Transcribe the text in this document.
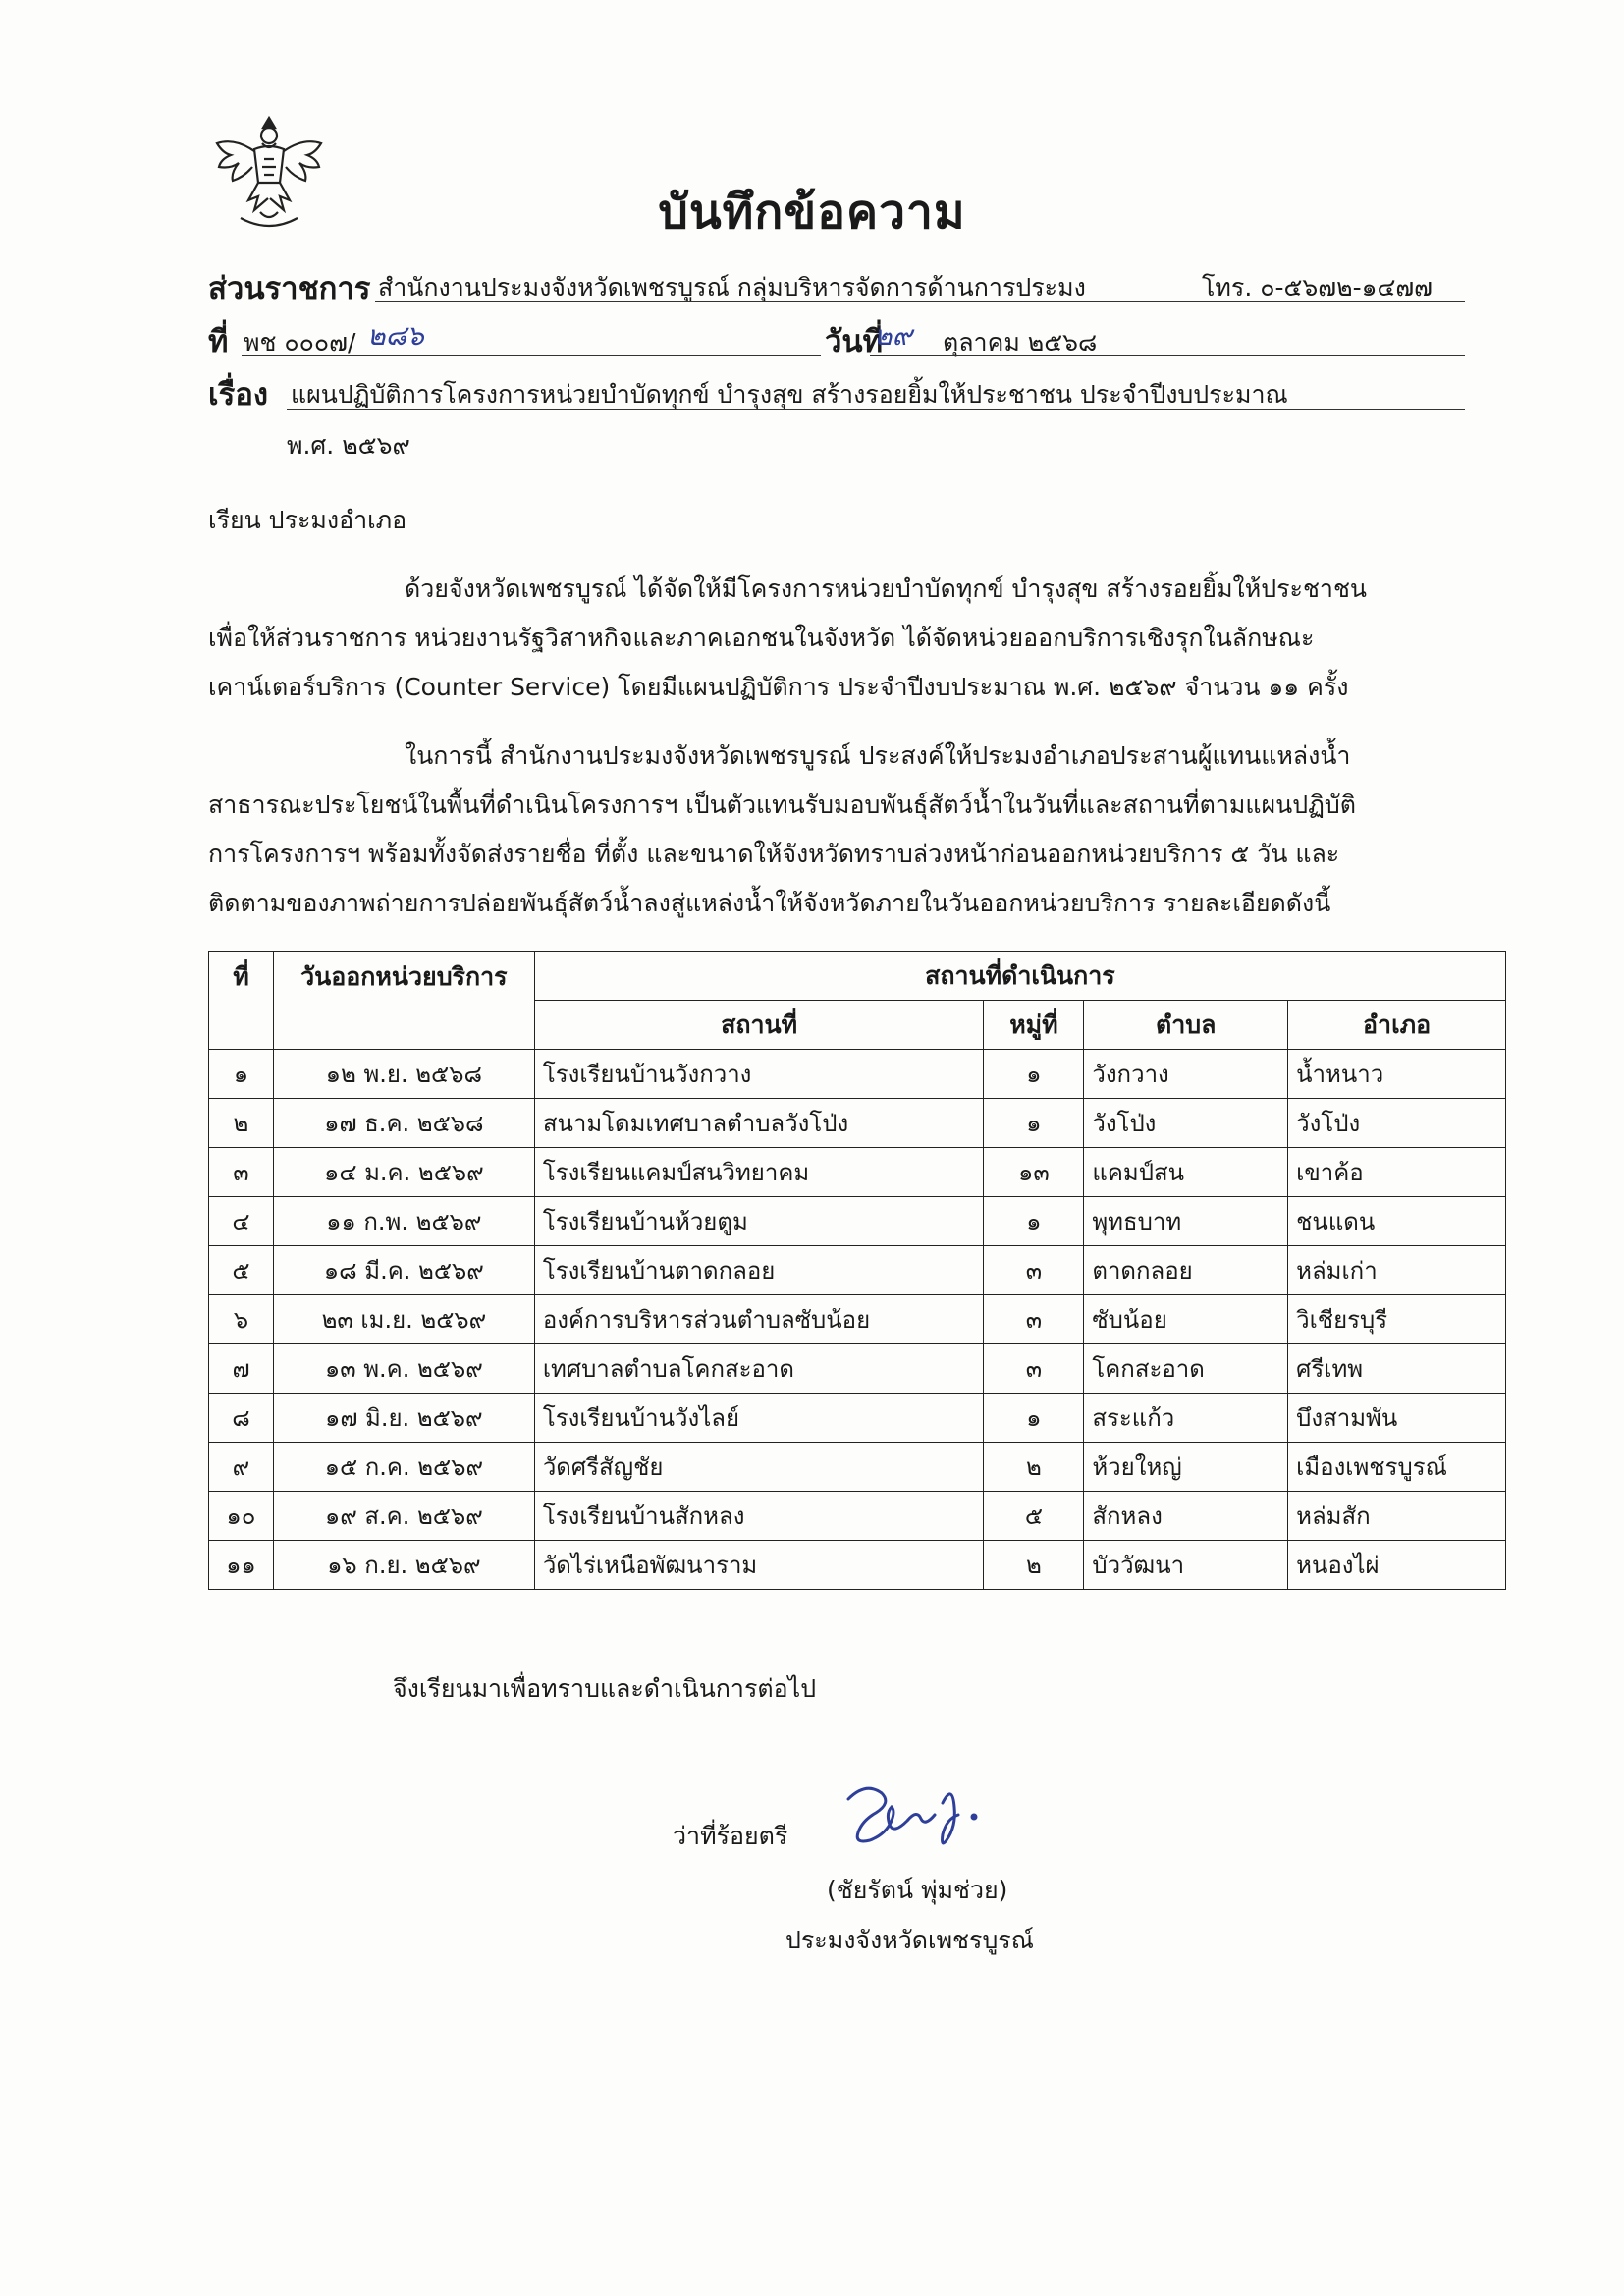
บันทึกข้อความ
ส่วนราชการ สำนักงานประมงจังหวัดเพชรบูรณ์ กลุ่มบริหารจัดการด้านการประมง	โทร. ๐-๕๖๗๒-๑๔๗๗
ที่ พช ๐๐๐๗/ ๒๘๖	วันที่
๒๙ ตุลาคม ๒๕๖๘
เรื่อง แผนปฏิบัติการโครงการหน่วยบำบัดทุกข์ บำรุงสุข สร้างรอยยิ้มให้ประชาชน ประจำปีงบประมาณ
พ.ศ. ๒๕๖๙
เรียน ประมงอำเภอ
ด้วยจังหวัดเพชรบูรณ์ ได้จัดให้มีโครงการหน่วยบำบัดทุกข์ บำรุงสุข สร้างรอยยิ้มให้ประชาชน
เพื่อให้ส่วนราชการ หน่วยงานรัฐวิสาหกิจและภาคเอกชนในจังหวัด ได้จัดหน่วยออกบริการเชิงรุกในลักษณะ
เคาน์เตอร์บริการ (Counter Service) โดยมีแผนปฏิบัติการ ประจำปีงบประมาณ พ.ศ. ๒๕๖๙ จำนวน ๑๑ ครั้ง
ในการนี้ สำนักงานประมงจังหวัดเพชรบูรณ์ ประสงค์ให้ประมงอำเภอประสานผู้แทนแหล่งน้ำ
สาธารณะประโยชน์ในพื้นที่ดำเนินโครงการฯ เป็นตัวแทนรับมอบพันธุ์สัตว์น้ำในวันที่และสถานที่ตามแผนปฏิบัติ
การโครงการฯ พร้อมทั้งจัดส่งรายชื่อ ที่ตั้ง และขนาดให้จังหวัดทราบล่วงหน้าก่อนออกหน่วยบริการ ๕ วัน และ
ติดตามของภาพถ่ายการปล่อยพันธุ์สัตว์น้ำลงสู่แหล่งน้ำให้จังหวัดภายในวันออกหน่วยบริการ รายละเอียดดังนี้
ที่	วันออกหน่วยบริการ	สถานที่ดำเนินการ			
		สถานที่	หมู่ที่	ตำบล	อำเภอ
๑	๑๒ พ.ย. ๒๕๖๘	โรงเรียนบ้านวังกวาง	๑	วังกวาง	น้ำหนาว
๒	๑๗ ธ.ค. ๒๕๖๘	สนามโดมเทศบาลตำบลวังโป่ง	๑	วังโป่ง	วังโป่ง
๓	๑๔ ม.ค. ๒๕๖๙	โรงเรียนแคมป์สนวิทยาคม	๑๓	แคมป์สน	เขาค้อ
๔	๑๑ ก.พ. ๒๕๖๙	โรงเรียนบ้านห้วยตูม	๑	พุทธบาท	ชนแดน
๕	๑๘ มี.ค. ๒๕๖๙	โรงเรียนบ้านตาดกลอย	๓	ตาดกลอย	หล่มเก่า
๖	๒๓ เม.ย. ๒๕๖๙	องค์การบริหารส่วนตำบลซับน้อย	๓	ซับน้อย	วิเชียรบุรี
๗	๑๓ พ.ค. ๒๕๖๙	เทศบาลตำบลโคกสะอาด	๓	โคกสะอาด	ศรีเทพ
๘	๑๗ มิ.ย. ๒๕๖๙	โรงเรียนบ้านวังไลย์	๑	สระแก้ว	บึงสามพัน
๙	๑๕ ก.ค. ๒๕๖๙	วัดศรีสัญชัย	๒	ห้วยใหญ่	เมืองเพชรบูรณ์
๑๐	๑๙ ส.ค. ๒๕๖๙	โรงเรียนบ้านสักหลง	๕	สักหลง	หล่มสัก
๑๑	๑๖ ก.ย. ๒๕๖๙	วัดไร่เหนือพัฒนาราม	๒	บัววัฒนา	หนองไผ่
จึงเรียนมาเพื่อทราบและดำเนินการต่อไป
ว่าที่ร้อยตรี
(ชัยรัตน์ พุ่มช่วย)
ประมงจังหวัดเพชรบูรณ์
